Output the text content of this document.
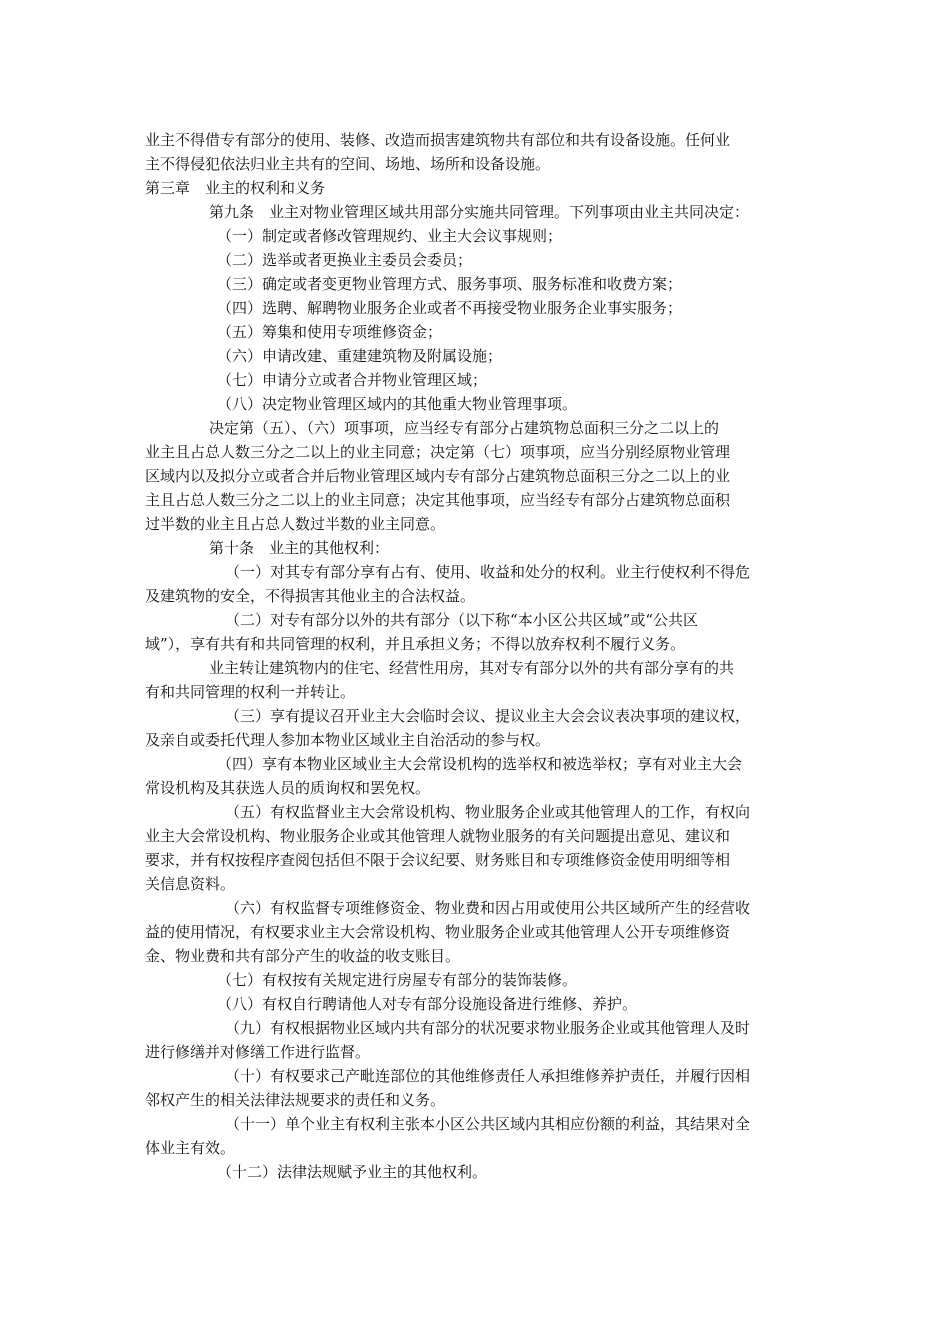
业主不得借专有部分的使用、装修、改造而损害建筑物共有部位和共有设备设施。任何业
主不得侵犯依法归业主共有的空间、场地、场所和设备设施。
第三章　业主的权利和义务
第九条　业主对物业管理区域共用部分实施共同管理。下列事项由业主共同决定：
（一）制定或者修改管理规约、业主大会议事规则；
（二）选举或者更换业主委员会委员；
（三）确定或者变更物业管理方式、服务事项、服务标准和收费方案；
（四）选聘、解聘物业服务企业或者不再接受物业服务企业事实服务；
（五）筹集和使用专项维修资金；
（六）申请改建、重建建筑物及附属设施；
（七）申请分立或者合并物业管理区域；
（八）决定物业管理区域内的其他重大物业管理事项。
决定第（五）、（六）项事项，应当经专有部分占建筑物总面积三分之二以上的
业主且占总人数三分之二以上的业主同意；决定第（七）项事项，应当分别经原物业管理
区域内以及拟分立或者合并后物业管理区域内专有部分占建筑物总面积三分之二以上的业
主且占总人数三分之二以上的业主同意；决定其他事项，应当经专有部分占建筑物总面积
过半数的业主且占总人数过半数的业主同意。
第十条　业主的其他权利：
（一）对其专有部分享有占有、使用、收益和处分的权利。业主行使权利不得危
及建筑物的安全，不得损害其他业主的合法权益。
（二）对专有部分以外的共有部分（以下称“本小区公共区域”或“公共区
域”），享有共有和共同管理的权利，并且承担义务；不得以放弃权利不履行义务。
业主转让建筑物内的住宅、经营性用房，其对专有部分以外的共有部分享有的共
有和共同管理的权利一并转让。
（三）享有提议召开业主大会临时会议、提议业主大会会议表决事项的建议权，
及亲自或委托代理人参加本物业区域业主自治活动的参与权。
（四）享有本物业区域业主大会常设机构的选举权和被选举权；享有对业主大会
常设机构及其获选人员的质询权和罢免权。
（五）有权监督业主大会常设机构、物业服务企业或其他管理人的工作，有权向
业主大会常设机构、物业服务企业或其他管理人就物业服务的有关问题提出意见、建议和
要求，并有权按程序查阅包括但不限于会议纪要、财务账目和专项维修资金使用明细等相
关信息资料。
（六）有权监督专项维修资金、物业费和因占用或使用公共区域所产生的经营收
益的使用情况，有权要求业主大会常设机构、物业服务企业或其他管理人公开专项维修资
金、物业费和共有部分产生的收益的收支账目。
（七）有权按有关规定进行房屋专有部分的装饰装修。
（八）有权自行聘请他人对专有部分设施设备进行维修、养护。
（九）有权根据物业区域内共有部分的状况要求物业服务企业或其他管理人及时
进行修缮并对修缮工作进行监督。
（十）有权要求己产毗连部位的其他维修责任人承担维修养护责任，并履行因相
邻权产生的相关法律法规要求的责任和义务。
（十一）单个业主有权利主张本小区公共区域内其相应份额的利益，其结果对全
体业主有效。
（十二）法律法规赋予业主的其他权利。
